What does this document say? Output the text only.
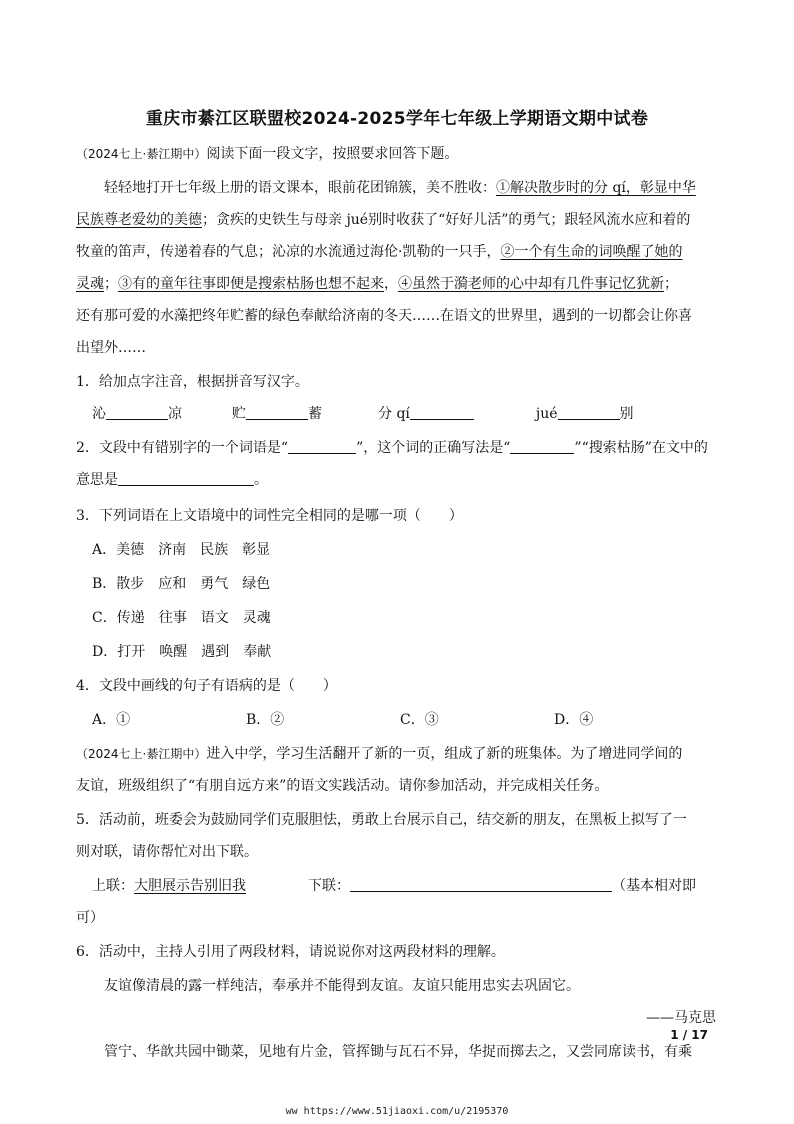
重庆市綦江区联盟校2024-2025学年七年级上学期语文期中试卷
（2024七上·綦江期中）阅读下面一段文字，按照要求回答下题。
轻轻地打开七年级上册的语文课本，眼前花团锦簇，美不胜收：①解决散步时的分 qí，彰显中华
民族尊老爱幼的美德；贪疾的史铁生与母亲 jué别时收获了“好好儿活”的勇气；跟轻风流水应和着的
牧童的笛声，传递着春的气息；沁凉的水流通过海伦·凯勒的一只手，②一个有生命的词唤醒了她的
灵魂；③有的童年往事即便是搜索枯肠也想不起来，④虽然于漪老师的心中却有几件事记忆犹新；
还有那可爱的水藻把终年贮蓄的绿色奉献给济南的冬天……在语文的世界里，遇到的一切都会让你喜
出望外……
1．给加点字注音，根据拼音写汉字。
沁	凉	贮	蓄	分 qí	jué	别
2．文段中有错别字的一个词语是“	”，这个词的正确写法是“	”“搜索枯肠”在文中的
意思是	。
3．下列词语在上文语境中的词性完全相同的是哪一项（　　）
A．美德　济南　民族　彰显
B．散步　应和　勇气　绿色
C．传递　往事　语文　灵魂
D．打开　唤醒　遇到　奉献
4．文段中画线的句子有语病的是（　　）
A．①	B．②	C．③	D．④
（2024七上·綦江期中）进入中学，学习生活翻开了新的一页，组成了新的班集体。为了增进同学间的
友谊，班级组织了“有朋自远方来”的语文实践活动。请你参加活动，并完成相关任务。
5．活动前，班委会为鼓励同学们克服胆怯，勇敢上台展示自己，结交新的朋友，在黑板上拟写了一
则对联，请你帮忙对出下联。
上联：大胆展示告别旧我	下联：	（基本相对即
可）
6．活动中，主持人引用了两段材料，请说说你对这两段材料的理解。
友谊像清晨的露一样纯洁，奉承并不能得到友谊。友谊只能用忠实去巩固它。
——马克思
管宁、华歆共园中锄菜，见地有片金，管挥锄与瓦石不异，华捉而掷去之，又尝同席读书，有乘
1 / 17
ww https://www.51jiaoxi.com/u/2195370
